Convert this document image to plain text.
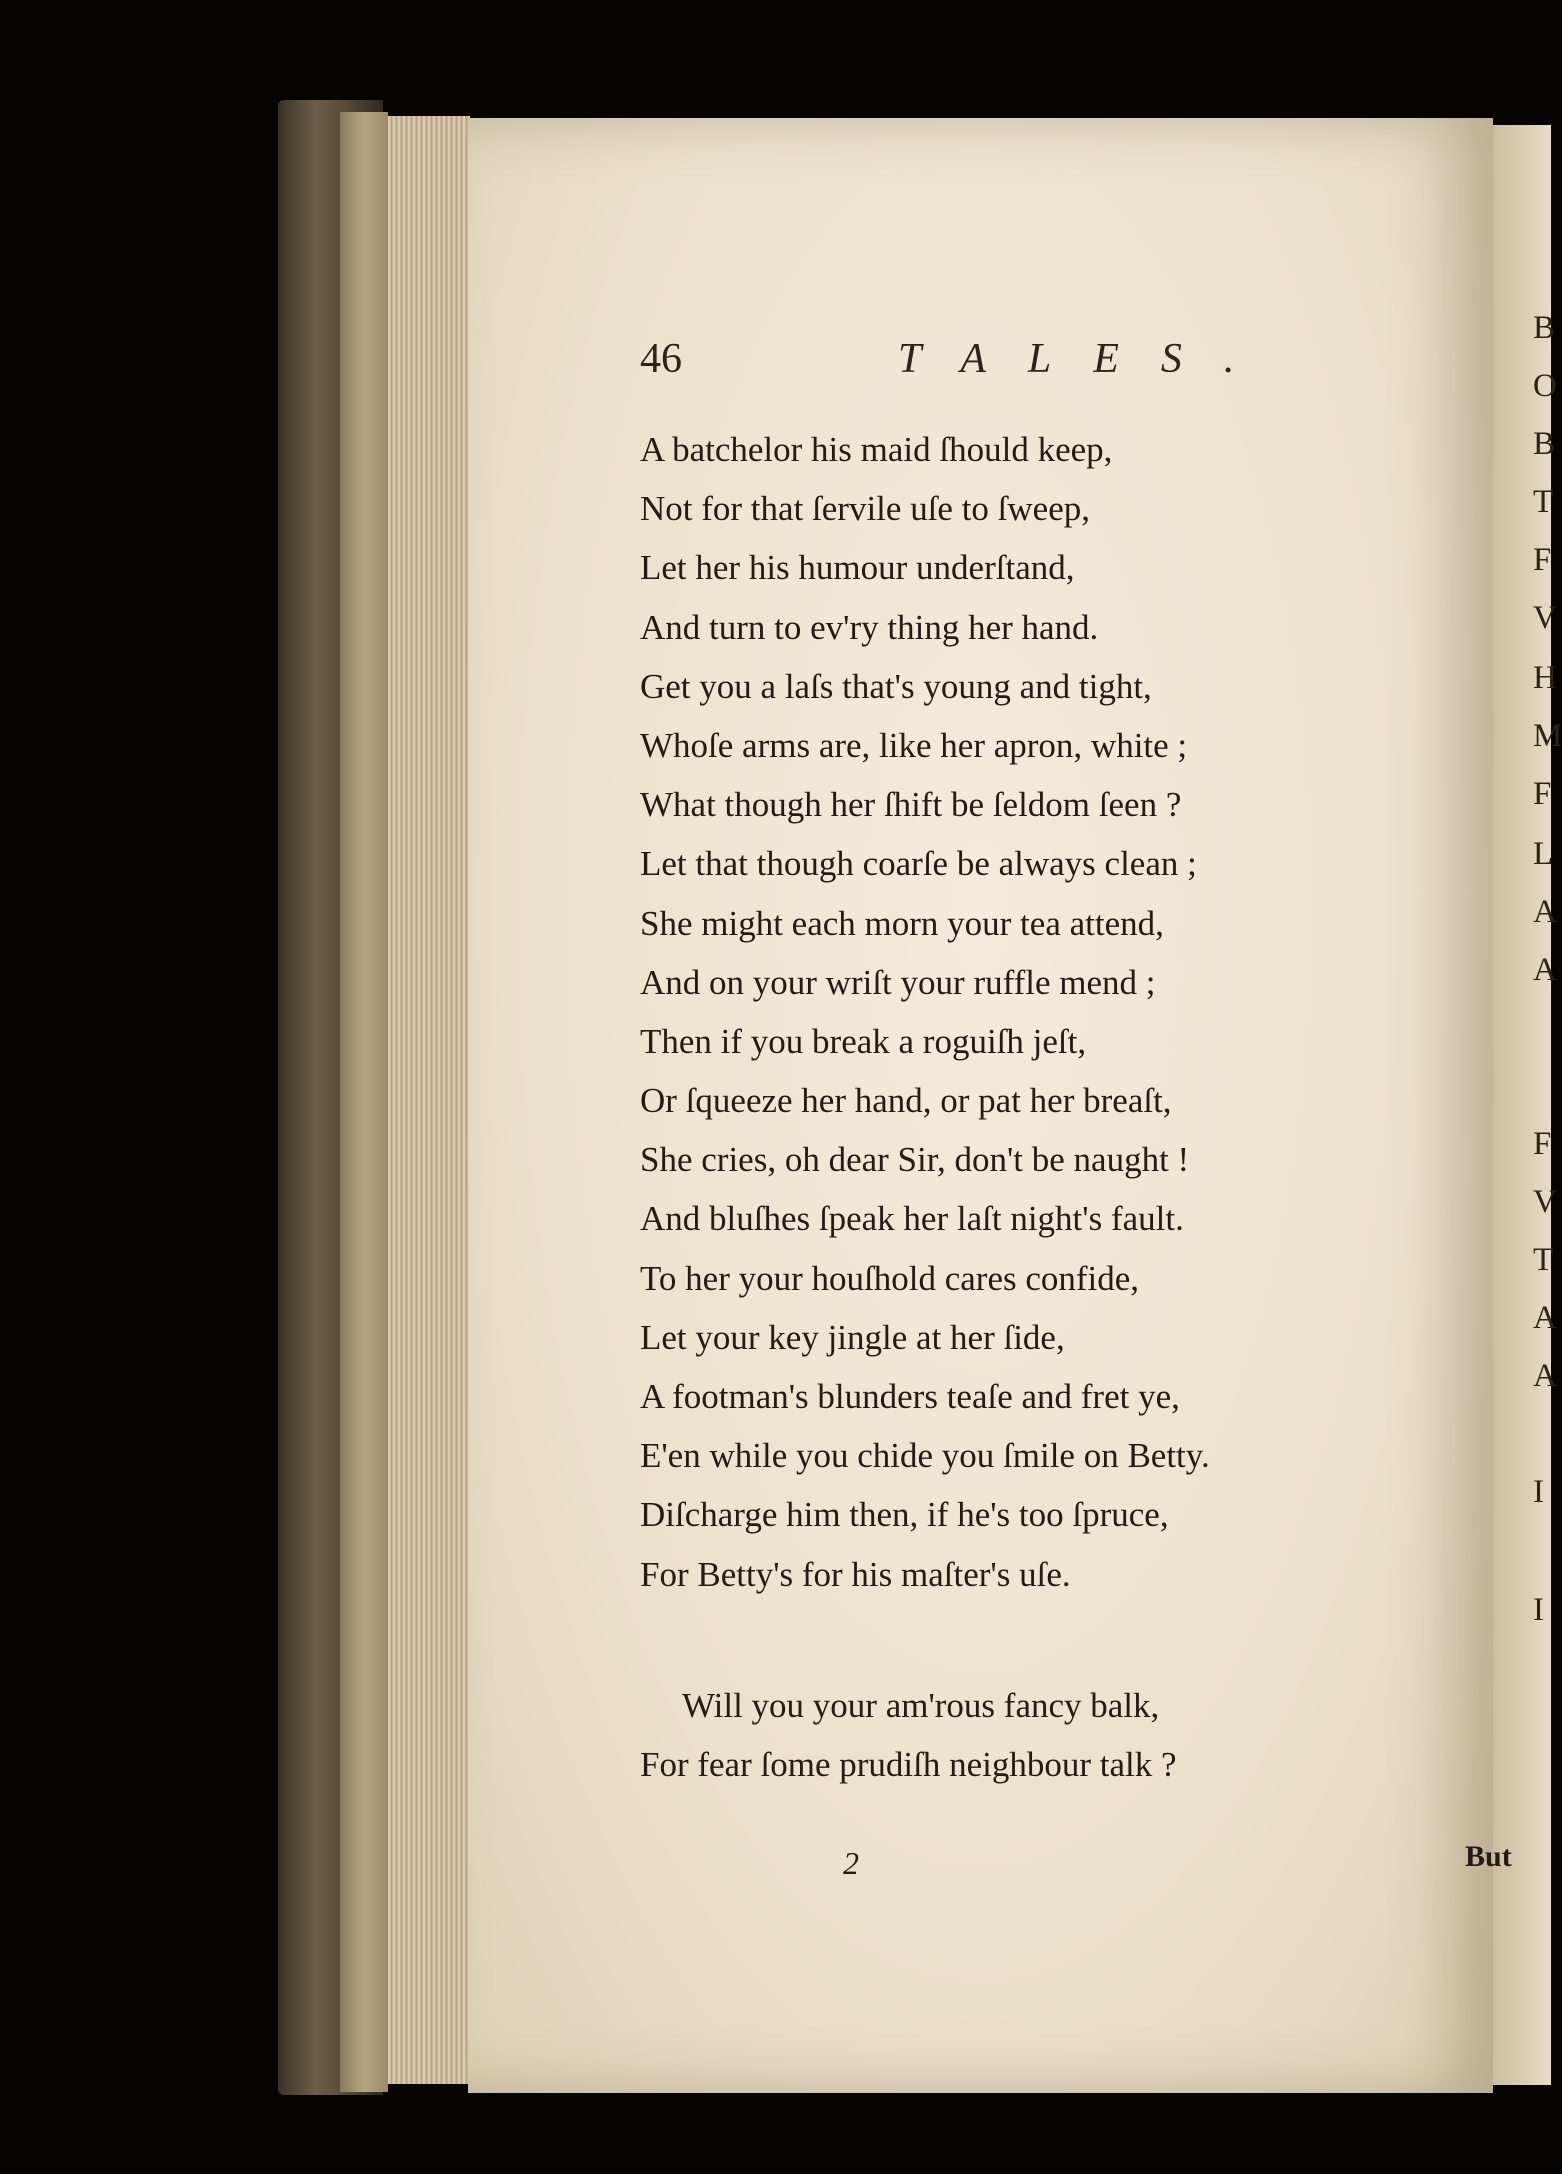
B
O
B
T
F
V
H
M
F
L
A
A
F
V
T
A
A
I
I
46	TALES.
A batchelor his maid ſhould keep,
Not for that ſervile uſe to ſweep,
Let her his humour underſtand,
And turn to ev'ry thing her hand.
Get you a laſs that's young and tight,
Whoſe arms are, like her apron, white ;
What though her ſhift be ſeldom ſeen ?
Let that though coarſe be always clean ;
She might each morn your tea attend,
And on your wriſt your ruffle mend ;
Then if you break a roguiſh jeſt,
Or ſqueeze her hand, or pat her breaſt,
She cries, oh dear Sir, don't be naught !
And bluſhes ſpeak her laſt night's fault.
To her your houſhold cares confide,
Let your key jingle at her ſide,
A footman's blunders teaſe and fret ye,
E'en while you chide you ſmile on Betty.
Diſcharge him then, if he's too ſpruce,
For Betty's for his maſter's uſe.
Will you your am'rous fancy balk,
For fear ſome prudiſh neighbour talk ?
2	But
